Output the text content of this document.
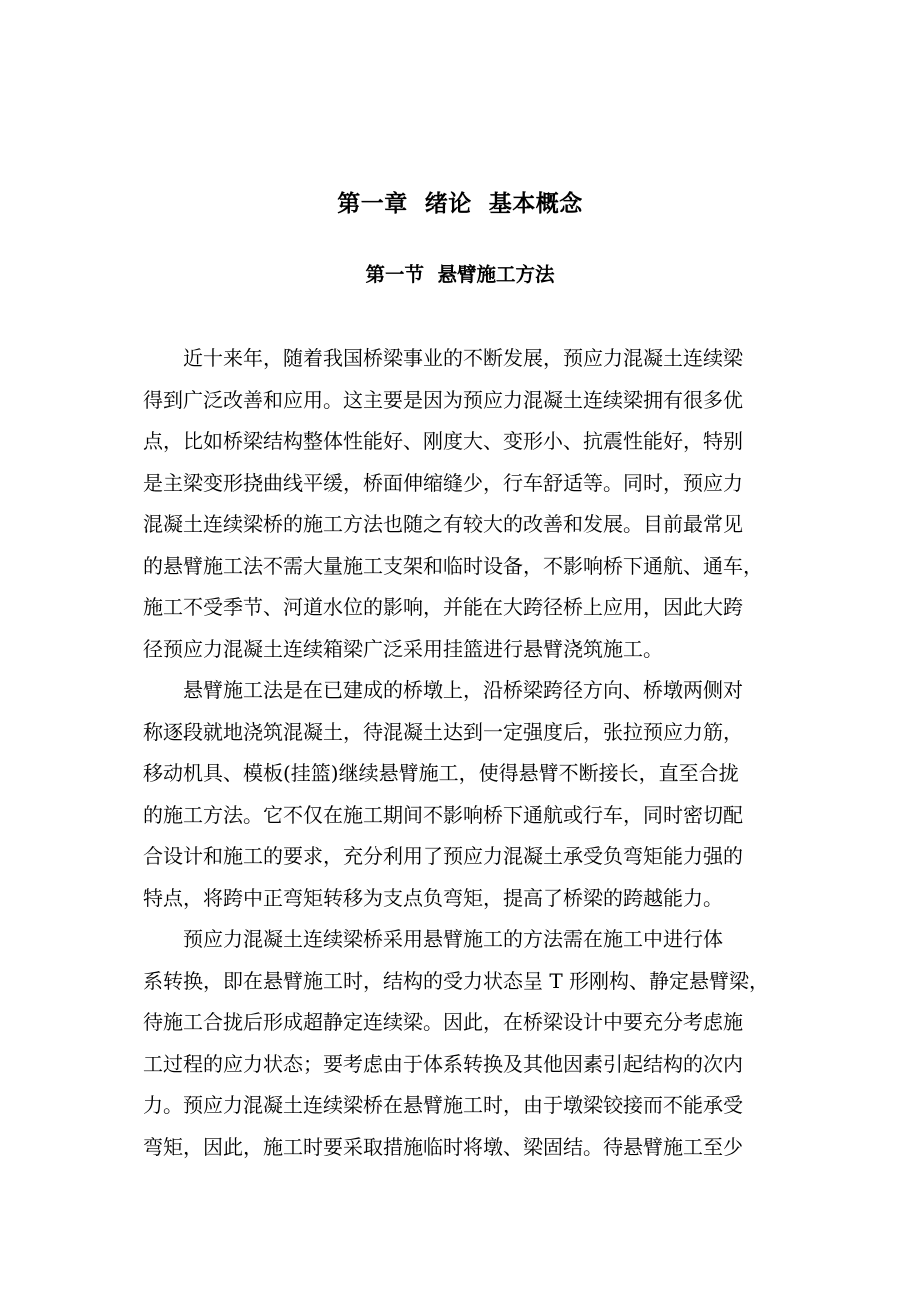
第一章  绪论  基本概念
第一节  悬臂施工方法
近十来年，随着我国桥梁事业的不断发展，预应力混凝土连续梁
得到广泛改善和应用。这主要是因为预应力混凝土连续梁拥有很多优
点，比如桥梁结构整体性能好、刚度大、变形小、抗震性能好，特别
是主梁变形挠曲线平缓，桥面伸缩缝少，行车舒适等。同时，预应力
混凝土连续梁桥的施工方法也随之有较大的改善和发展。目前最常见
的悬臂施工法不需大量施工支架和临时设备，不影响桥下通航、通车，
施工不受季节、河道水位的影响，并能在大跨径桥上应用，因此大跨
径预应力混凝土连续箱梁广泛采用挂篮进行悬臂浇筑施工。
悬臂施工法是在已建成的桥墩上，沿桥梁跨径方向、桥墩两侧对
称逐段就地浇筑混凝土，待混凝土达到一定强度后，张拉预应力筋，
移动机具、模板(挂篮)继续悬臂施工，使得悬臂不断接长，直至合拢
的施工方法。它不仅在施工期间不影响桥下通航或行车，同时密切配
合设计和施工的要求，充分利用了预应力混凝土承受负弯矩能力强的
特点，将跨中正弯矩转移为支点负弯矩，提高了桥梁的跨越能力。
预应力混凝土连续梁桥采用悬臂施工的方法需在施工中进行体
系转换，即在悬臂施工时，结构的受力状态呈 T 形刚构、静定悬臂梁，
待施工合拢后形成超静定连续梁。因此，在桥梁设计中要充分考虑施
工过程的应力状态；要考虑由于体系转换及其他因素引起结构的次内
力。预应力混凝土连续梁桥在悬臂施工时，由于墩梁铰接而不能承受
弯矩，因此，施工时要采取措施临时将墩、梁固结。待悬臂施工至少
